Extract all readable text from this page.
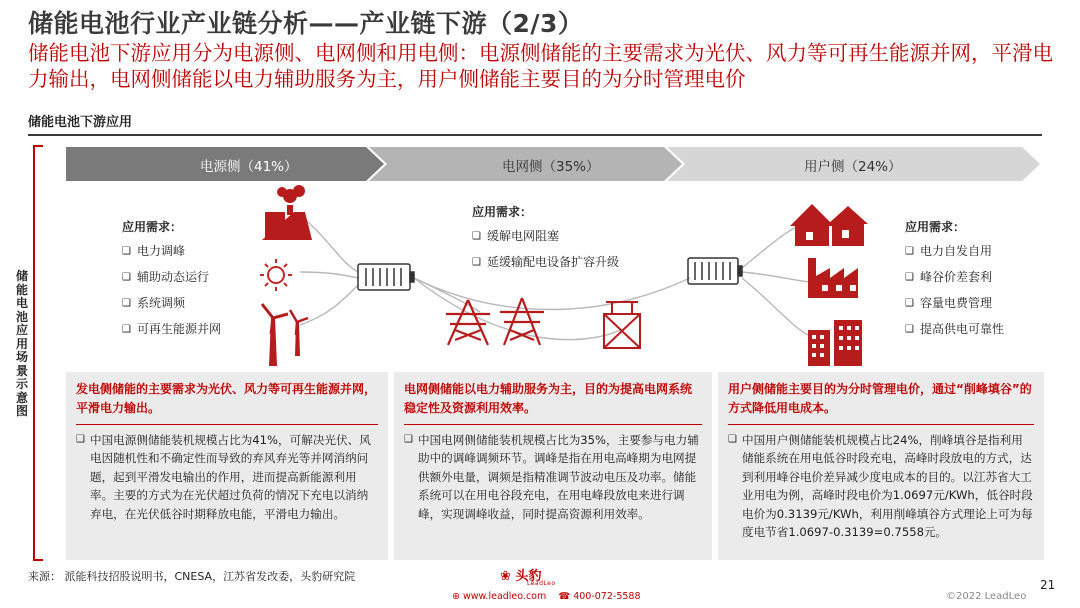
储能电池行业产业链分析——产业链下游（2/3）
储能电池下游应用分为电源侧、电网侧和用电侧：电源侧储能的主要需求为光伏、风力等可再生能源并网，平滑电力输出，电网侧储能以电力辅助服务为主，用户侧储能主要目的为分时管理电价
储能电池下游应用
储
能
电
池
应
用
场
景
示
意
图
电源侧（41%）	电网侧（35%）	用户侧（24%）
应用需求：
❑ 电力调峰
❑ 辅助动态运行
❑ 系统调频
❑ 可再生能源并网
应用需求：
❑ 缓解电网阻塞
❑ 延缓输配电设备扩容升级
应用需求：
❑ 电力自发自用
❑ 峰谷价差套利
❑ 容量电费管理
❑ 提高供电可靠性
发电侧储能的主要需求为光伏、风力等可再生能源并网，平滑电力输出。
❑ 中国电源侧储能装机规模占比为41%，可解决光伏、风电因随机性和不确定性而导致的弃风弃光等并网消纳问题，起到平滑发电输出的作用，进而提高新能源利用率。主要的方式为在光伏超过负荷的情况下充电以消纳弃电，在光伏低谷时期释放电能，平滑电力输出。
电网侧储能以电力辅助服务为主，目的为提高电网系统稳定性及资源利用效率。
❑ 中国电网侧储能装机规模占比为35%，主要参与电力辅助中的调峰调频环节。调峰是指在用电高峰期为电网提供额外电量，调频是指精准调节波动电压及功率。储能系统可以在用电谷段充电，在用电峰段放电来进行调峰，实现调峰收益，同时提高资源利用效率。
用户侧储能主要目的为分时管理电价，通过“削峰填谷”的方式降低用电成本。
❑ 中国用户侧储能装机规模占比24%，削峰填谷是指利用储能系统在用电低谷时段充电，高峰时段放电的方式，达到利用峰谷电价差异减少度电成本的目的。以江苏省大工业用电为例，高峰时段电价为1.0697元/KWh，低谷时段电价为0.3139元/KWh，利用削峰填谷方式理论上可为每度电节省1.0697-0.3139=0.7558元。
来源： 派能科技招股说明书，CNESA，江苏省发改委，头豹研究院	❀ 头豹
LeadLeo
⊕ www.leadleo.com ☎ 400-072-5588
21
©2022 LeadLeo
